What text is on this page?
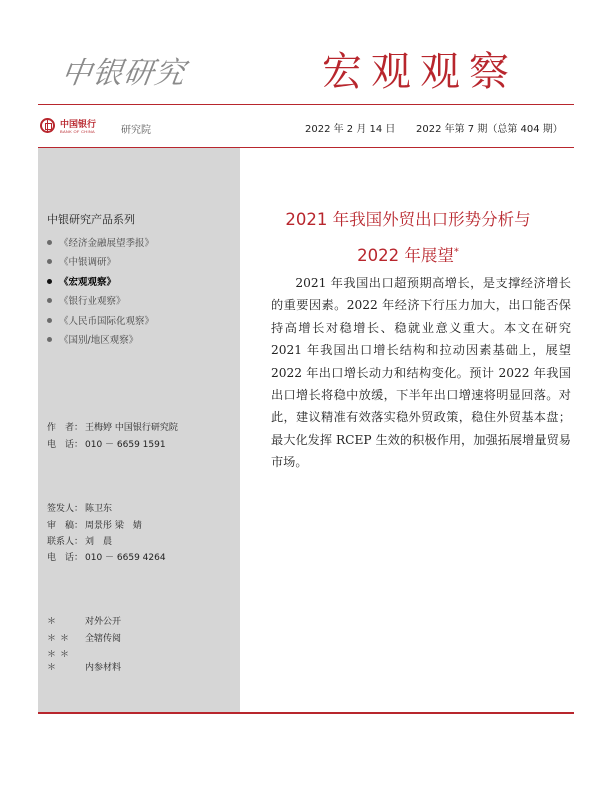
中银研究	宏观观察
中国银行
BANK OF CHINA	研究院	2022 年 2 月 14 日 2022 年第 7 期（总第 404 期）
中银研究产品系列
《经济金融展望季报》
《中银调研》
《宏观观察》
《银行业观察》
《人民币国际化观察》
《国别/地区观察》
作　者： 王梅婷 中国银行研究院
电　话： 010 － 6659 1591
签发人： 陈卫东
审　稿： 周景彤 梁　婧
联系人： 刘　晨
电　话： 010 － 6659 4264
＊	对外公开
＊＊ 全辖传阅
＊＊＊	内参材料
2021 年我国外贸出口形势分析与
2022 年展望*

2021 年我国出口超预期高增长，是支撑经济增长的重要因素。2022 年经济下行压力加大，出口能否保持高增长对稳增长、稳就业意义重大。本文在研究 2021 年我国出口增长结构和拉动因素基础上，展望 2022 年出口增长动力和结构变化。预计 2022 年我国出口增长将稳中放缓，下半年出口增速将明显回落。对此，建议精准有效落实稳外贸政策，稳住外贸基本盘；最大化发挥 RCEP 生效的积极作用，加强拓展增量贸易市场。
